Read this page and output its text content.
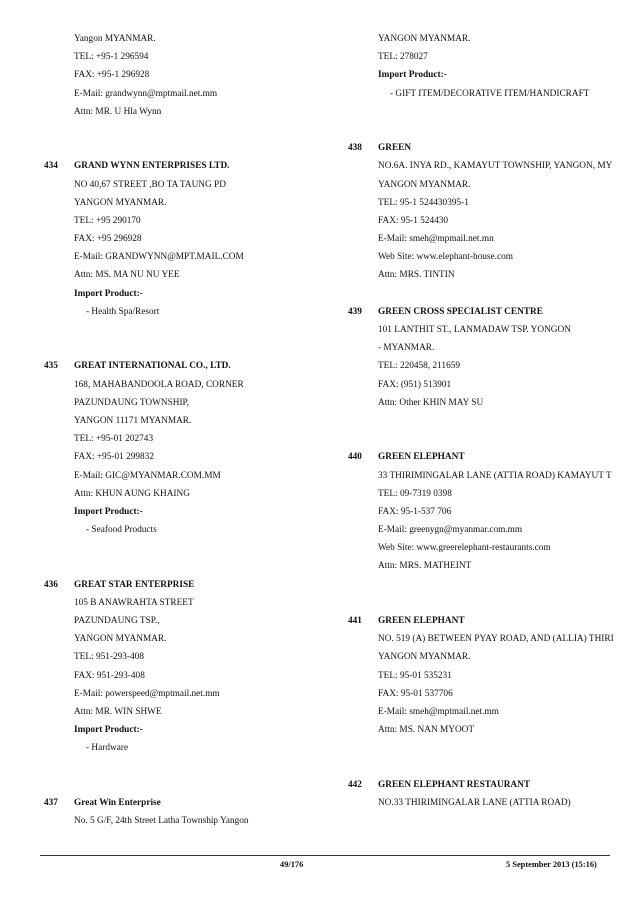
Yangon MYANMAR.
TEL: +95-1 296594
FAX: +95-1 296928
E-Mail: grandwynn@mptmail.net.mm
Attn: MR. U Hla Wynn
434 GRAND WYNN ENTERPRISES LTD.
NO 40,67 STREET ,BO TA TAUNG PD
YANGON MYANMAR.
TEL: +95 290170
FAX: +95 296928
E-Mail: GRANDWYNN@MPT.MAIL.COM
Attn: MS. MA NU NU YEE
Import Product:-
- Health Spa/Resort
435 GREAT INTERNATIONAL CO., LTD.
168, MAHABANDOOLA ROAD, CORNER
PAZUNDAUNG TOWNSHIP,
YANGON 11171 MYANMAR.
TEL: +95-01 202743
FAX: +95-01 299832
E-Mail: GIC@MYANMAR.COM.MM
Attn: KHUN AUNG KHAING
Import Product:-
- Seafood Products
436 GREAT STAR ENTERPRISE
105 B ANAWRAHTA STREET
PAZUNDAUNG TSP.,
YANGON MYANMAR.
TEL: 951-293-408
FAX: 951-293-408
E-Mail: powerspeed@mptmail.net.mm
Attn: MR. WIN SHWE
Import Product:-
- Hardware
437 Great Win Enterprise
No. 5 G/F, 24th Street Latha Township Yangon
YANGON MYANMAR.
TEL: 278027
Import Product:-
- GIFT ITEM/DECORATIVE ITEM/HANDICRAFT
438 GREEN
NO.6A. INYA RD., KAMAYUT TOWNSHIP, YANGON, MY
YANGON MYANMAR.
TEL: 95-1 524430395-1
FAX: 95-1 524430
E-Mail: smeh@mpmail.net.mn
Web Site: www.elephant-house.com
Attn: MRS. TINTIN
439 GREEN CROSS SPECIALIST CENTRE
101 LANTHIT ST., LANMADAW TSP. YONGON
- MYANMAR.
TEL: 220458, 211659
FAX: (951) 513901
Attn: Other KHIN MAY SU
440 GREEN ELEPHANT
33 THIRIMINGALAR LANE (ATTIA ROAD) KAMAYUT T
TEL: 09-7319 0398
FAX: 95-1-537 706
E-Mail: greenygn@myanmar.com.mm
Web Site: www.greerelephant-restaurants.com
Attn: MRS. MATHEINT
441 GREEN ELEPHANT
NO. 519 (A) BETWEEN PYAY ROAD, AND (ALLIA) THIRI
YANGON MYANMAR.
TEL: 95-01 535231
FAX: 95-01 537706
E-Mail: smeh@mptmail.net.mm
Attn: MS. NAN MYOOT
442 GREEN ELEPHANT RESTAURANT
NO.33 THIRIMINGALAR LANE (ATTIA ROAD)
49/176	5 September 2013 (15:16)
